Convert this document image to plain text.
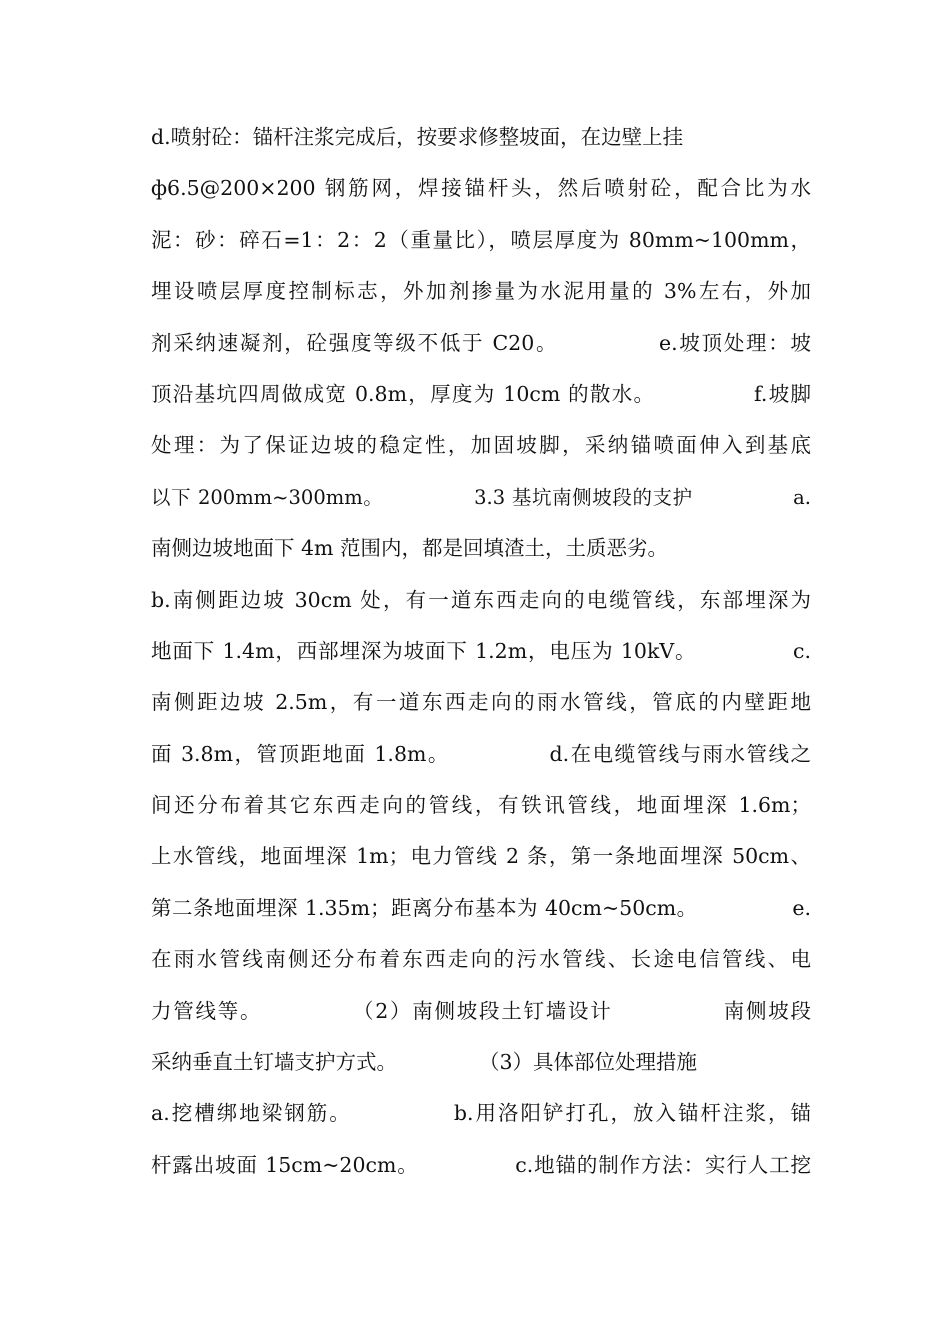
d.喷射砼：锚杆注浆完成后，按要求修整坡面，在边壁上挂
ф6.5@200×200 钢筋网，焊接锚杆头，然后喷射砼，配合比为水
泥：砂：碎石=1：2：2（重量比），喷层厚度为 80mm~100mm，
埋设喷层厚度控制标志，外加剂掺量为水泥用量的 3%左右，外加
剂采纳速凝剂，砼强度等级不低于 C20。　　　　　e.坡顶处理：坡
顶沿基坑四周做成宽 0.8m，厚度为 10cm 的散水。　　　　　f.坡脚
处理：为了保证边坡的稳定性，加固坡脚，采纳锚喷面伸入到基底
以下 200mm~300mm。　　　　　3.3 基坑南侧坡段的支护　　　　　a.
南侧边坡地面下 4m 范围内，都是回填渣土，土质恶劣。
b.南侧距边坡 30cm 处，有一道东西走向的电缆管线，东部埋深为
地面下 1.4m，西部埋深为坡面下 1.2m，电压为 10kV。　　　　　c.
南侧距边坡 2.5m，有一道东西走向的雨水管线，管底的内壁距地
面 3.8m，管顶距地面 1.8m。　　　　　d.在电缆管线与雨水管线之
间还分布着其它东西走向的管线，有铁讯管线，地面埋深 1.6m；
上水管线，地面埋深 1m；电力管线 2 条，第一条地面埋深 50cm、
第二条地面埋深 1.35m；距离分布基本为 40cm~50cm。　　　　　e.
在雨水管线南侧还分布着东西走向的污水管线、长途电信管线、电
力管线等。　　　　　（2）南侧坡段土钉墙设计　　　　　南侧坡段
采纳垂直土钉墙支护方式。　　　　　（3）具体部位处理措施
a.挖槽绑地梁钢筋。　　　　　b.用洛阳铲打孔，放入锚杆注浆，锚
杆露出坡面 15cm~20cm。　　　　　c.地锚的制作方法：实行人工挖
